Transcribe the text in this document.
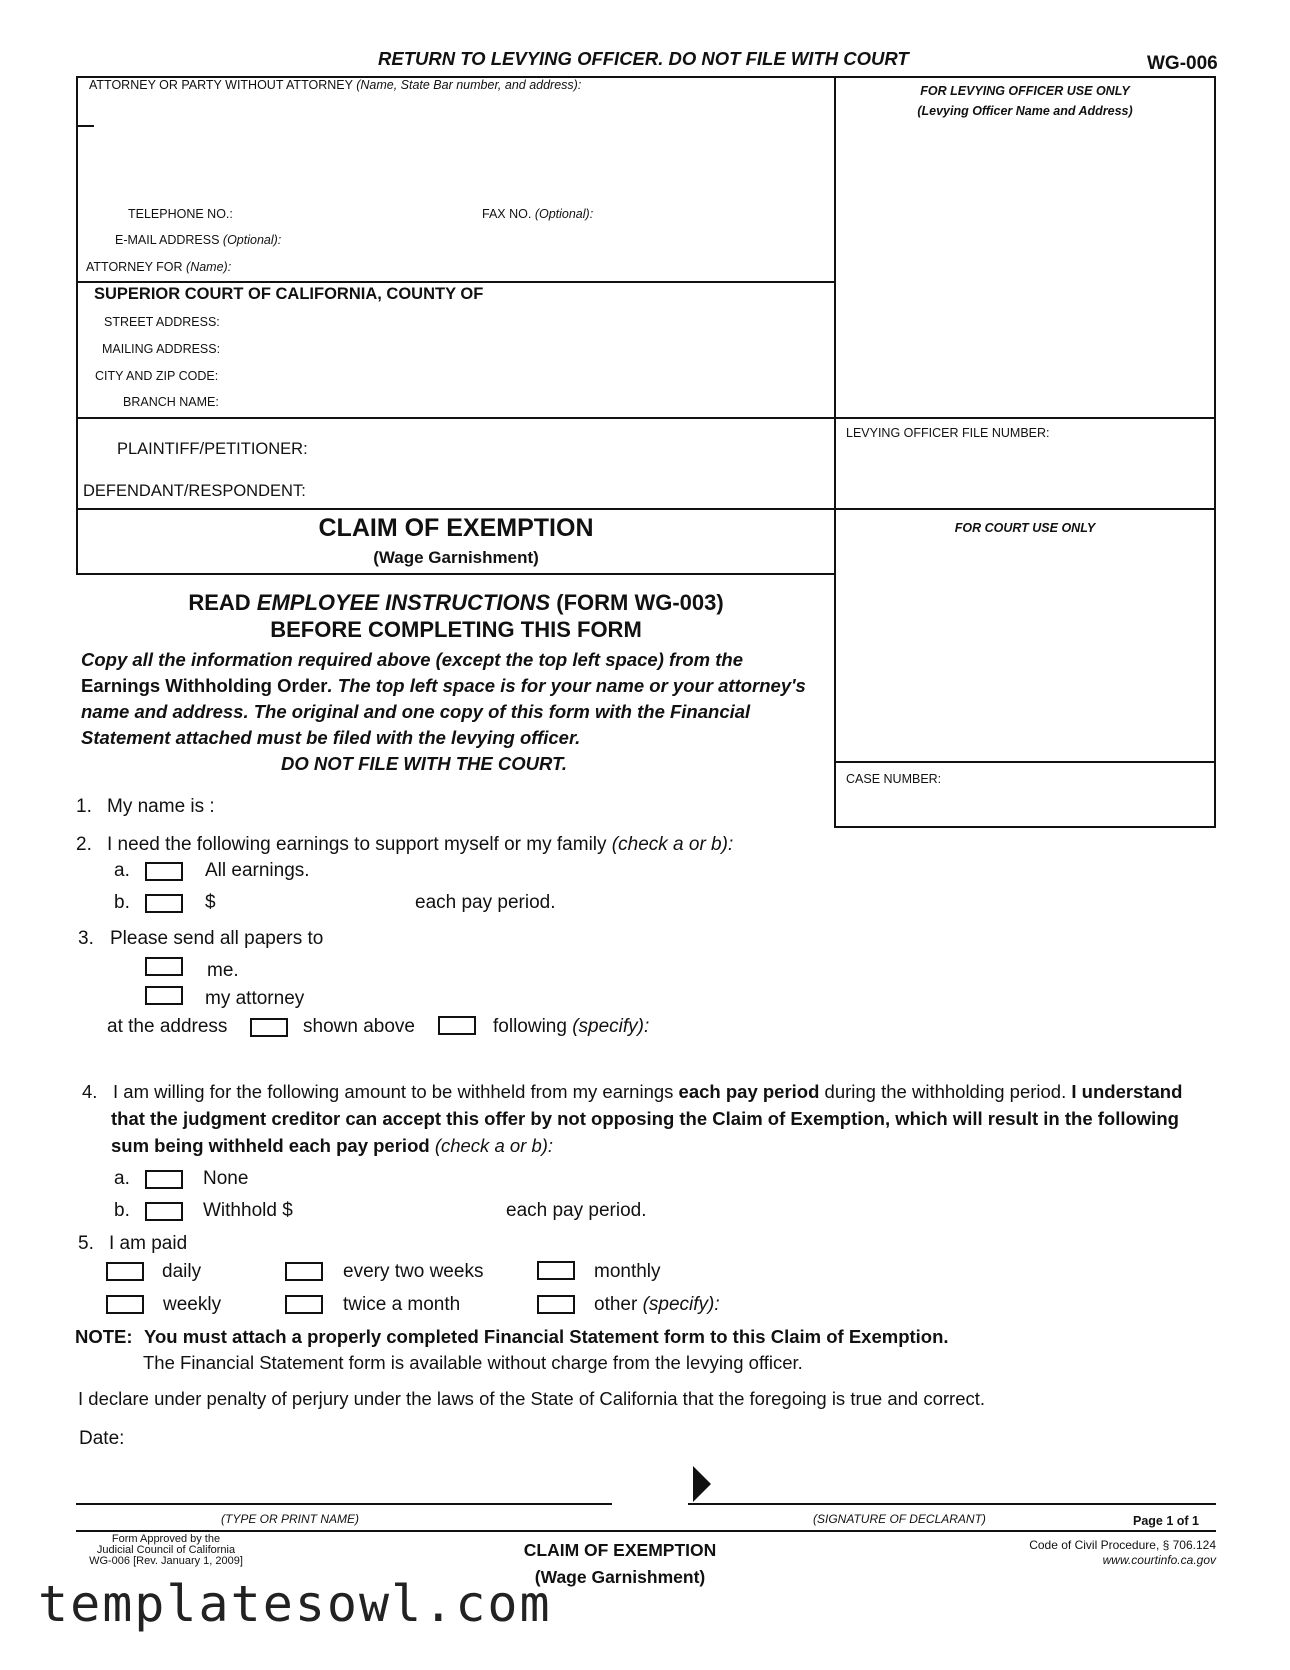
RETURN TO LEVYING OFFICER. DO NOT FILE WITH COURT	WG-006
ATTORNEY OR PARTY WITHOUT ATTORNEY (Name, State Bar number, and address):
TELEPHONE NO.:	FAX NO. (Optional):
E-MAIL ADDRESS (Optional):
ATTORNEY FOR (Name):
FOR LEVYING OFFICER USE ONLY
(Levying Officer Name and Address)
SUPERIOR COURT OF CALIFORNIA, COUNTY OF
STREET ADDRESS:
MAILING ADDRESS:
CITY AND ZIP CODE:
BRANCH NAME:
PLAINTIFF/PETITIONER:
DEFENDANT/RESPONDENT:
LEVYING OFFICER FILE NUMBER:
CLAIM OF EXEMPTION
(Wage Garnishment)
FOR COURT USE ONLY
CASE NUMBER:
READ EMPLOYEE INSTRUCTIONS (FORM WG-003)
BEFORE COMPLETING THIS FORM
Copy all the information required above (except the top left space) from the
Earnings Withholding Order. The top left space is for your name or your attorney's
name and address. The original and one copy of this form with the Financial
Statement attached must be filed with the levying officer.
DO NOT FILE WITH THE COURT.
1. My name is :
2. I need the following earnings to support myself or my family (check a or b):
a.	All earnings.
b.	$	each pay period.
3. Please send all papers to
me.
my attorney
at the address	shown above	following (specify):
4. I am willing for the following amount to be withheld from my earnings each pay period during the withholding period. I understand
that the judgment creditor can accept this offer by not opposing the Claim of Exemption, which will result in the following
sum being withheld each pay period (check a or b):
a.	None
b.	Withhold $	each pay period.
5. I am paid
daily	every two weeks	monthly
weekly	twice a month	other (specify):
NOTE: You must attach a properly completed Financial Statement form to this Claim of Exemption.
The Financial Statement form is available without charge from the levying officer.
I declare under penalty of perjury under the laws of the State of California that the foregoing is true and correct.
Date:
(TYPE OR PRINT NAME)	(SIGNATURE OF DECLARANT)	Page 1 of 1
Form Approved by the
Judicial Council of California
WG-006 [Rev. January 1, 2009]
CLAIM OF EXEMPTION
(Wage Garnishment)
Code of Civil Procedure, § 706.124
www.courtinfo.ca.gov
templatesowl.com
